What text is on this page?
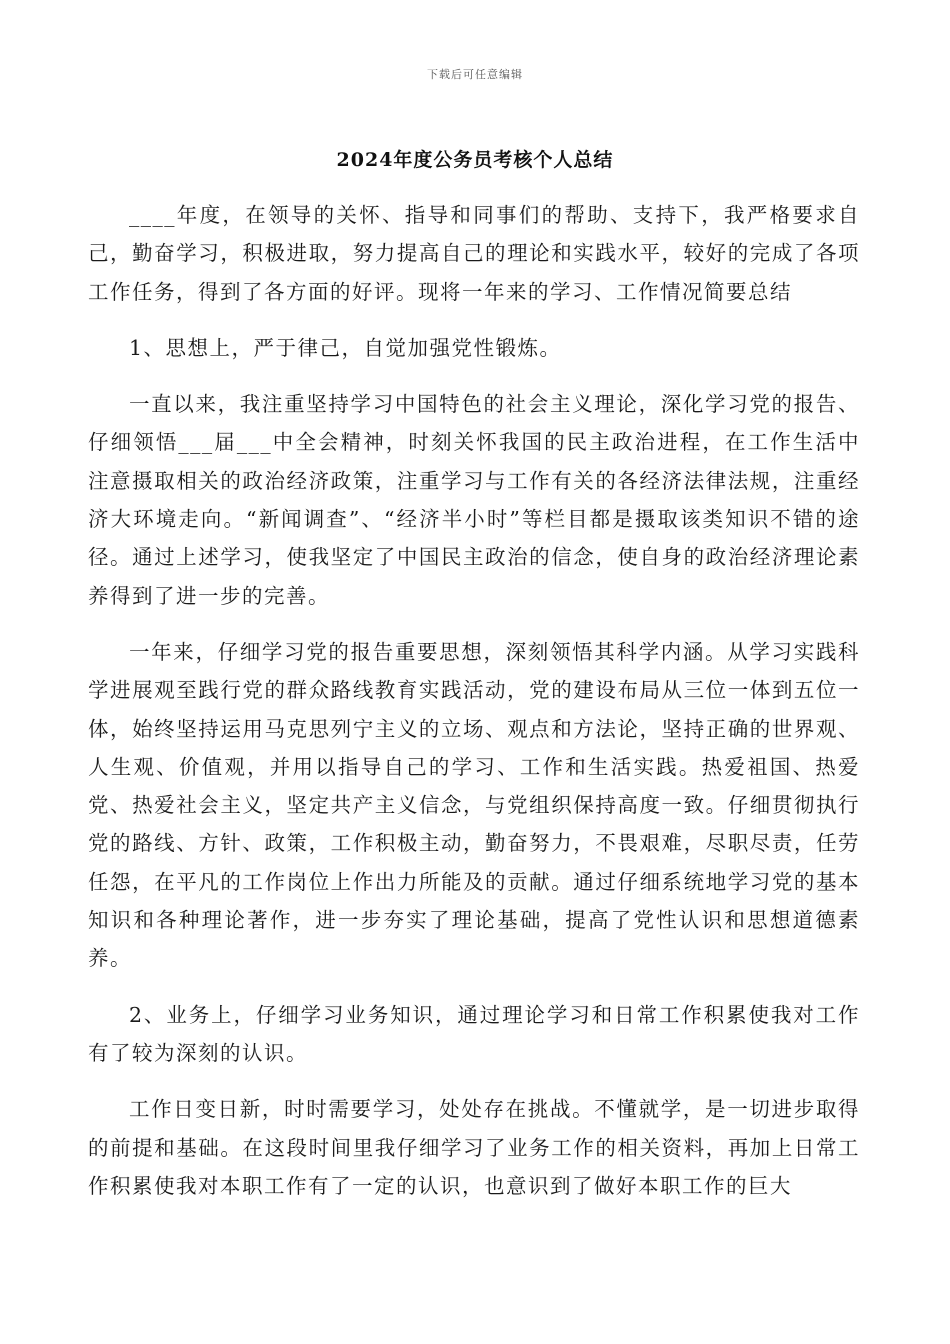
下载后可任意编辑
2024年度公务员考核个人总结

____年度，在领导的关怀、指导和同事们的帮助、支持下，我严格要求自己，勤奋学习，积极进取，努力提高自己的理论和实践水平，较好的完成了各项工作任务，得到了各方面的好评。现将一年来的学习、工作情况简要总结

1、思想上，严于律己，自觉加强党性锻炼。

一直以来，我注重坚持学习中国特色的社会主义理论，深化学习党的报告、仔细领悟___届___中全会精神，时刻关怀我国的民主政治进程，在工作生活中注意摄取相关的政治经济政策，注重学习与工作有关的各经济法律法规，注重经济大环境走向。“新闻调查”、“经济半小时”等栏目都是摄取该类知识不错的途径。通过上述学习，使我坚定了中国民主政治的信念，使自身的政治经济理论素养得到了进一步的完善。

一年来，仔细学习党的报告重要思想，深刻领悟其科学内涵。从学习实践科学进展观至践行党的群众路线教育实践活动，党的建设布局从三位一体到五位一体，始终坚持运用马克思列宁主义的立场、观点和方法论，坚持正确的世界观、人生观、价值观，并用以指导自己的学习、工作和生活实践。热爱祖国、热爱党、热爱社会主义，坚定共产主义信念，与党组织保持高度一致。仔细贯彻执行党的路线、方针、政策，工作积极主动，勤奋努力，不畏艰难，尽职尽责，任劳任怨，在平凡的工作岗位上作出力所能及的贡献。通过仔细系统地学习党的基本知识和各种理论著作，进一步夯实了理论基础，提高了党性认识和思想道德素养。

2、业务上，仔细学习业务知识，通过理论学习和日常工作积累使我对工作有了较为深刻的认识。

工作日变日新，时时需要学习，处处存在挑战。不懂就学，是一切进步取得的前提和基础。在这段时间里我仔细学习了业务工作的相关资料，再加上日常工作积累使我对本职工作有了一定的认识，也意识到了做好本职工作的巨大
